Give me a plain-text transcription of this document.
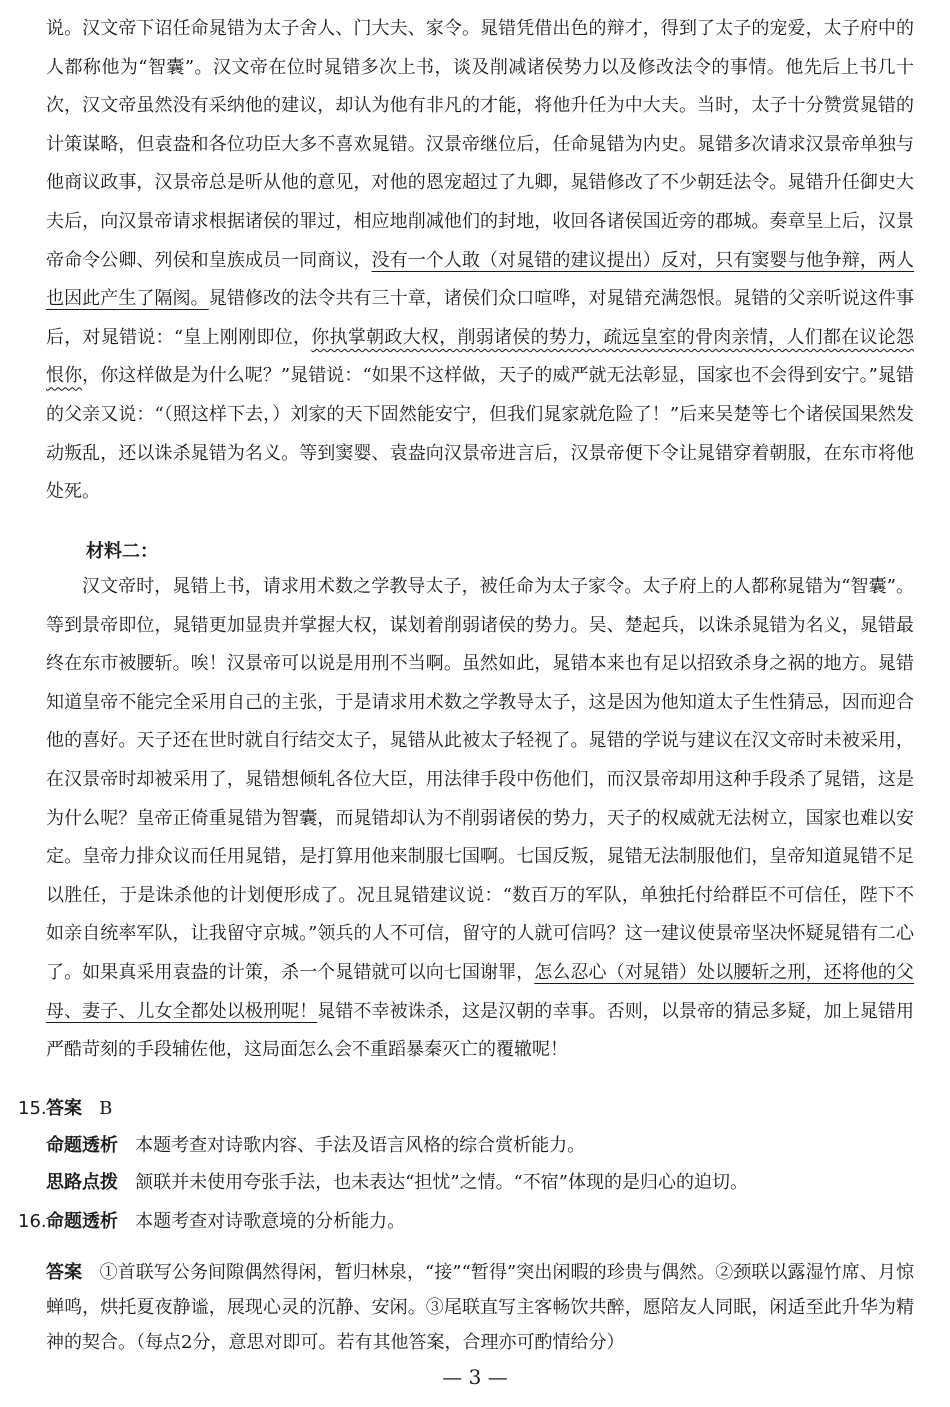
说。汉文帝下诏任命晁错为太子舍人、门大夫、家令。晁错凭借出色的辩才，得到了太子的宠爱，太子府中的人都称他为“智囊”。汉文帝在位时晁错多次上书，谈及削减诸侯势力以及修改法令的事情。他先后上书几十次，汉文帝虽然没有采纳他的建议，却认为他有非凡的才能，将他升任为中大夫。当时，太子十分赞赏晁错的计策谋略，但袁盎和各位功臣大多不喜欢晁错。汉景帝继位后，任命晁错为内史。晁错多次请求汉景帝单独与他商议政事，汉景帝总是听从他的意见，对他的恩宠超过了九卿，晁错修改了不少朝廷法令。晁错升任御史大夫后，向汉景帝请求根据诸侯的罪过，相应地削减他们的封地，收回各诸侯国近旁的郡城。奏章呈上后，汉景帝命令公卿、列侯和皇族成员一同商议，没有一个人敢（对晁错的建议提出）反对，只有窦婴与他争辩，两人也因此产生了隔阂。晁错修改的法令共有三十章，诸侯们众口喧哗，对晁错充满怨恨。晁错的父亲听说这件事后，对晁错说：“皇上刚刚即位，你执掌朝政大权，削弱诸侯的势力，疏远皇室的骨肉亲情，人们都在议论怨恨你，你这样做是为什么呢？”晁错说：“如果不这样做，天子的威严就无法彰显，国家也不会得到安宁。”晁错的父亲又说：“（照这样下去，）刘家的天下固然能安宁，但我们晁家就危险了！”后来吴楚等七个诸侯国果然发动叛乱，还以诛杀晁错为名义。等到窦婴、袁盎向汉景帝进言后，汉景帝便下令让晁错穿着朝服，在东市将他处死。

材料二：

汉文帝时，晁错上书，请求用术数之学教导太子，被任命为太子家令。太子府上的人都称晁错为“智囊”。等到景帝即位，晁错更加显贵并掌握大权，谋划着削弱诸侯的势力。吴、楚起兵，以诛杀晁错为名义，晁错最终在东市被腰斩。唉！汉景帝可以说是用刑不当啊。虽然如此，晁错本来也有足以招致杀身之祸的地方。晁错知道皇帝不能完全采用自己的主张，于是请求用术数之学教导太子，这是因为他知道太子生性猜忌，因而迎合他的喜好。天子还在世时就自行结交太子，晁错从此被太子轻视了。晁错的学说与建议在汉文帝时未被采用，在汉景帝时却被采用了，晁错想倾轧各位大臣，用法律手段中伤他们，而汉景帝却用这种手段杀了晁错，这是为什么呢？皇帝正倚重晁错为智囊，而晁错却认为不削弱诸侯的势力，天子的权威就无法树立，国家也难以安定。皇帝力排众议而任用晁错，是打算用他来制服七国啊。七国反叛，晁错无法制服他们，皇帝知道晁错不足以胜任，于是诛杀他的计划便形成了。况且晁错建议说：“数百万的军队，单独托付给群臣不可信任，陛下不如亲自统率军队，让我留守京城。”领兵的人不可信，留守的人就可信吗？这一建议使景帝坚决怀疑晁错有二心了。如果真采用袁盎的计策，杀一个晁错就可以向七国谢罪，怎么忍心（对晁错）处以腰斩之刑，还将他的父母、妻子、儿女全都处以极刑呢！晁错不幸被诛杀，这是汉朝的幸事。否则，以景帝的猜忌多疑，加上晁错用严酷苛刻的手段辅佐他，这局面怎么会不重蹈暴秦灭亡的覆辙呢！

15. 答案 B
命题透析 本题考查对诗歌内容、手法及语言风格的综合赏析能力。
思路点拨 颔联并未使用夸张手法，也未表达“担忧”之情。“不宿”体现的是归心的迫切。
16. 命题透析 本题考查对诗歌意境的分析能力。

答案 ①首联写公务间隙偶然得闲，暂归林泉，“接”“暂得”突出闲暇的珍贵与偶然。②颈联以露湿竹席、月惊蝉鸣，烘托夏夜静谧，展现心灵的沉静、安闲。③尾联直写主客畅饮共醉，愿陪友人同眠，闲适至此升华为精神的契合。（每点2分，意思对即可。若有其他答案，合理亦可酌情给分）

— 3 —
